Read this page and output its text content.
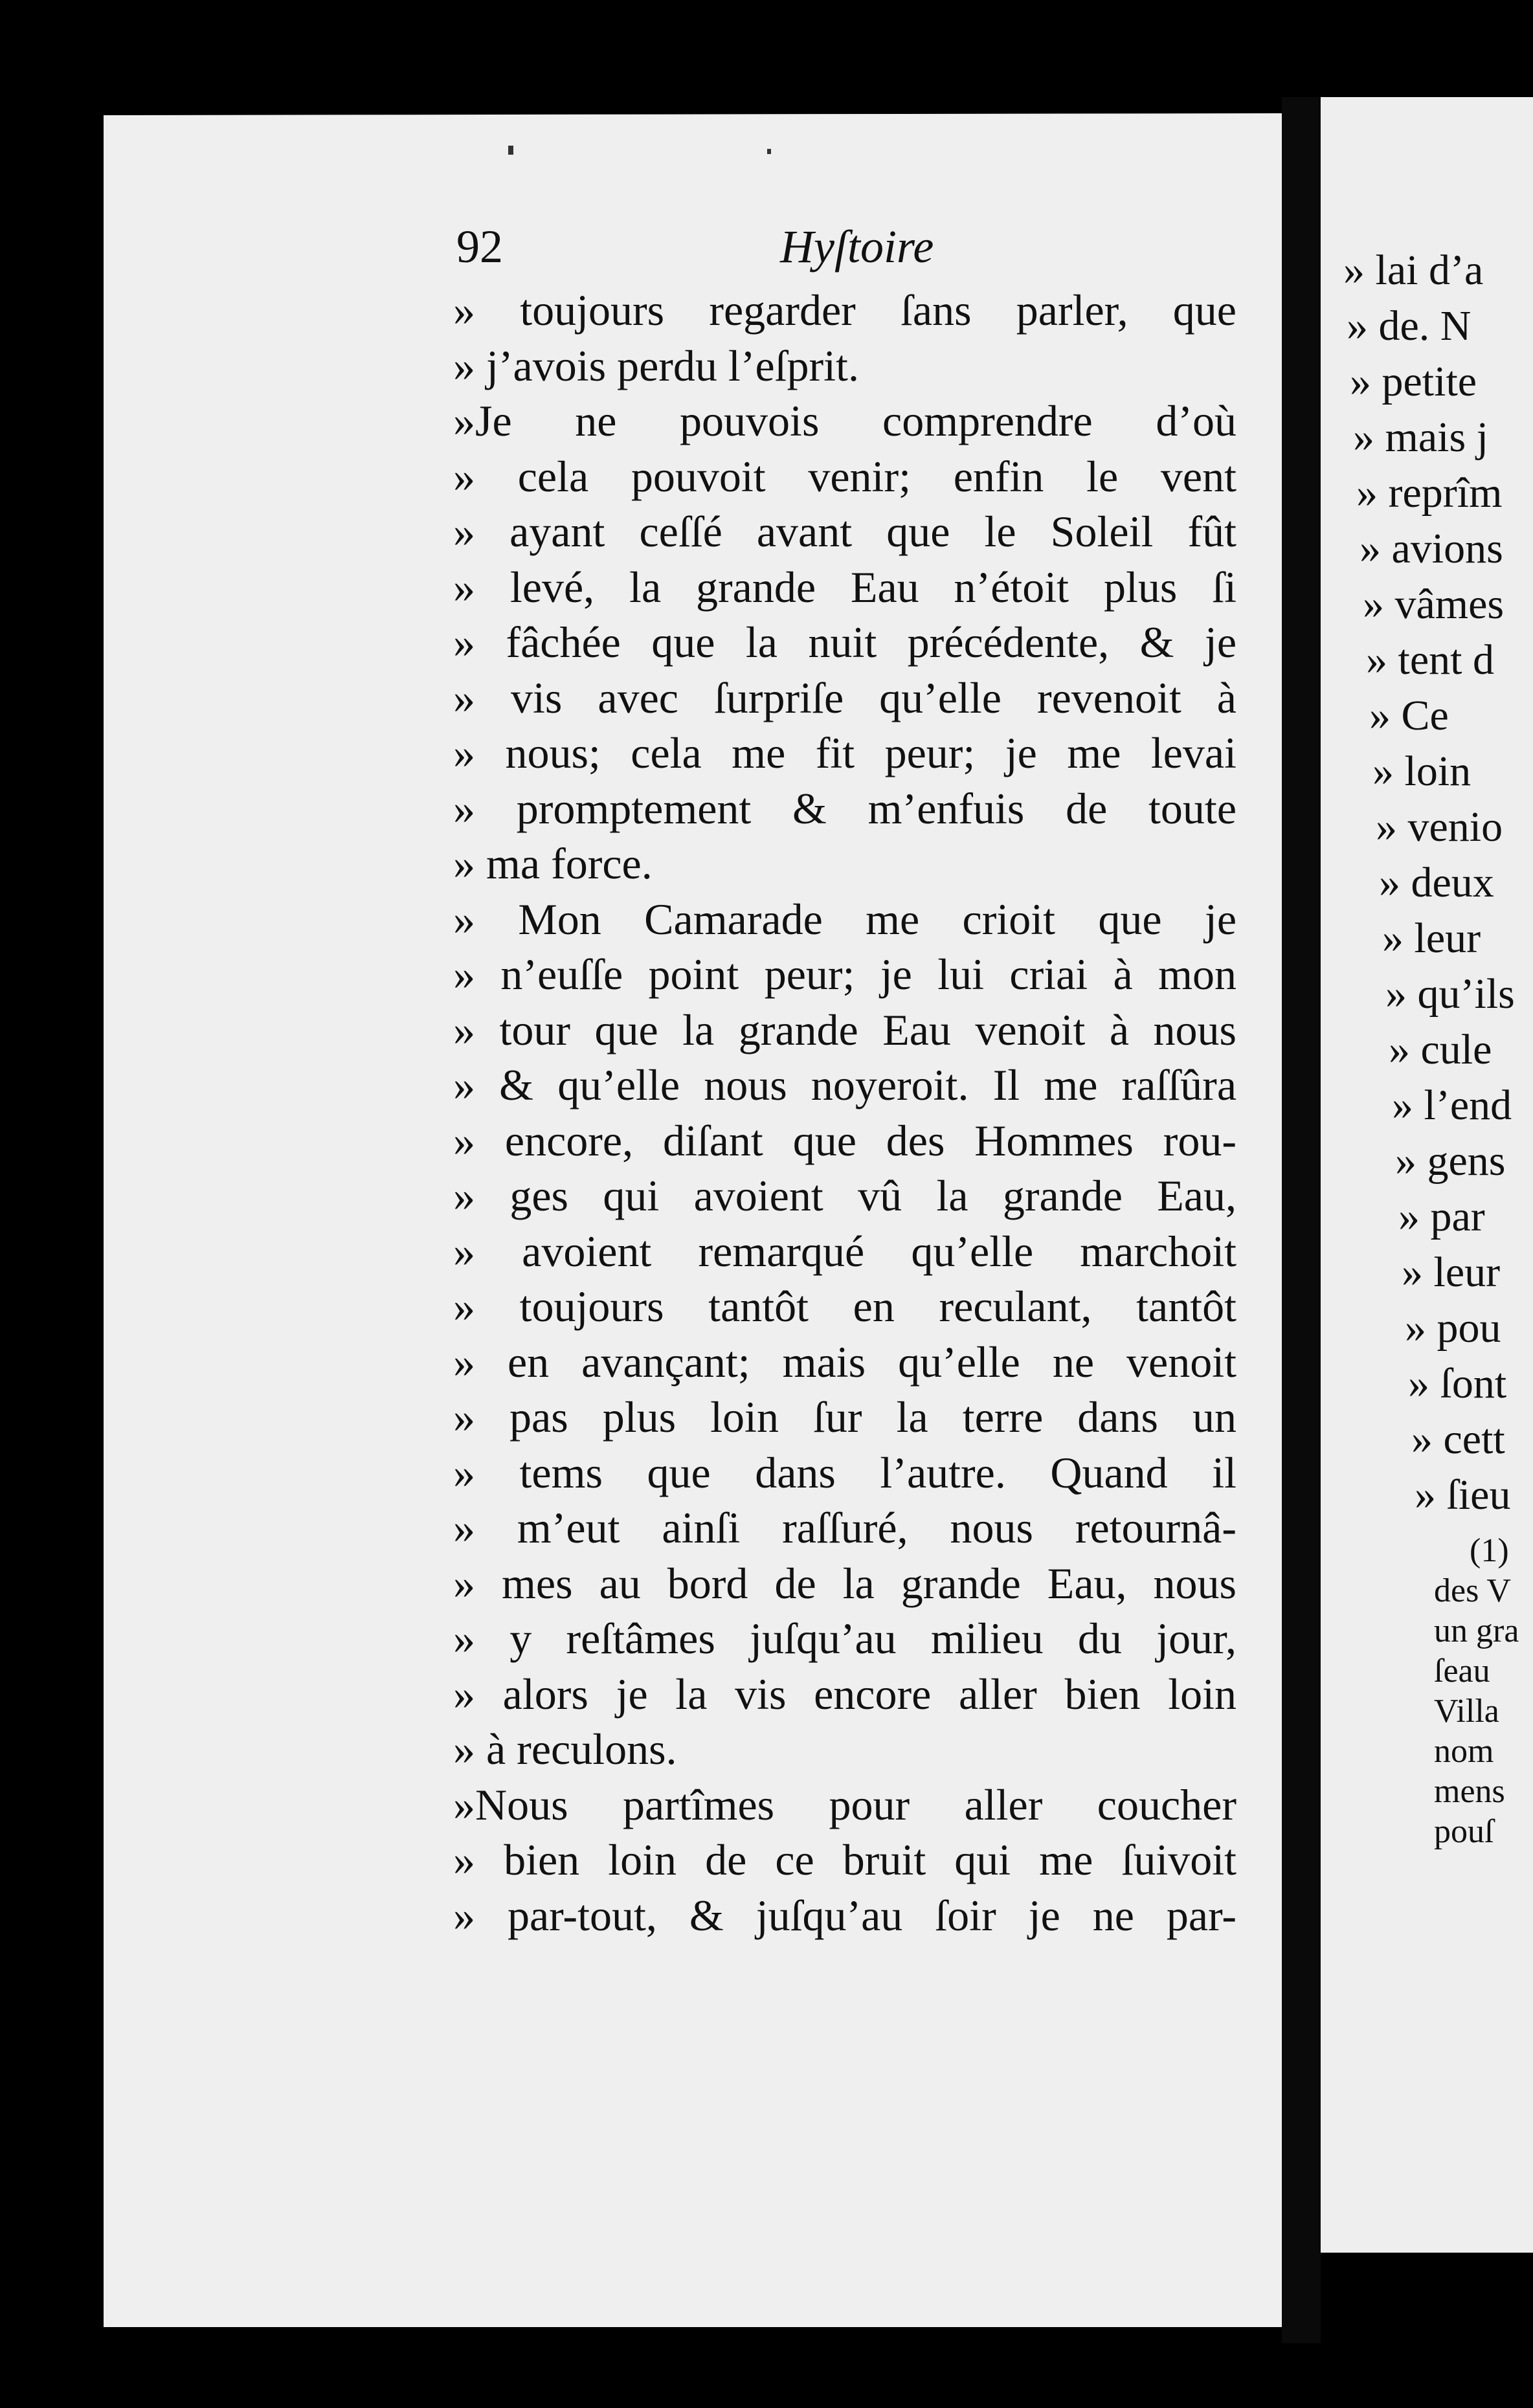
92	Hyſtoire
» toujours regarder ſans parler, que
» j’avois perdu l’eſprit.
»Je ne pouvois comprendre d’où
» cela pouvoit venir; enfin le vent
» ayant ceſſé avant que le Soleil fût
» levé, la grande Eau n’étoit plus ſi
» fâchée que la nuit précédente, & je
» vis avec ſurpriſe qu’elle revenoit à
» nous; cela me fit peur; je me levai
» promptement & m’enfuis de toute
» ma force.
» Mon Camarade me crioit que je
» n’euſſe point peur; je lui criai à mon
» tour que la grande Eau venoit à nous
» & qu’elle nous noyeroit. Il me raſſûra
» encore, diſant que des Hommes rou-
» ges qui avoient vû la grande Eau,
» avoient remarqué qu’elle marchoit
» toujours tantôt en reculant, tantôt
» en avançant; mais qu’elle ne venoit
» pas plus loin ſur la terre dans un
» tems que dans l’autre. Quand il
» m’eut ainſi raſſuré, nous retournâ-
» mes au bord de la grande Eau, nous
» y reſtâmes juſqu’au milieu du jour,
» alors je la vis encore aller bien loin
» à reculons.
»Nous partîmes pour aller coucher
» bien loin de ce bruit qui me ſuivoit
» par-tout, & juſqu’au ſoir je ne par-
» lai d’a
» de. N
» petite
» mais j
» reprîm
» avions
» vâmes
» tent d
» Ce
» loin
» venio
» deux
» leur
» qu’ils
» cule
» l’end
» gens
» par
» leur
» pou
» ſont
» cett
» ſieu
(1)
des V
un gra
ſeau
Villa
nom
mens
pouſ
